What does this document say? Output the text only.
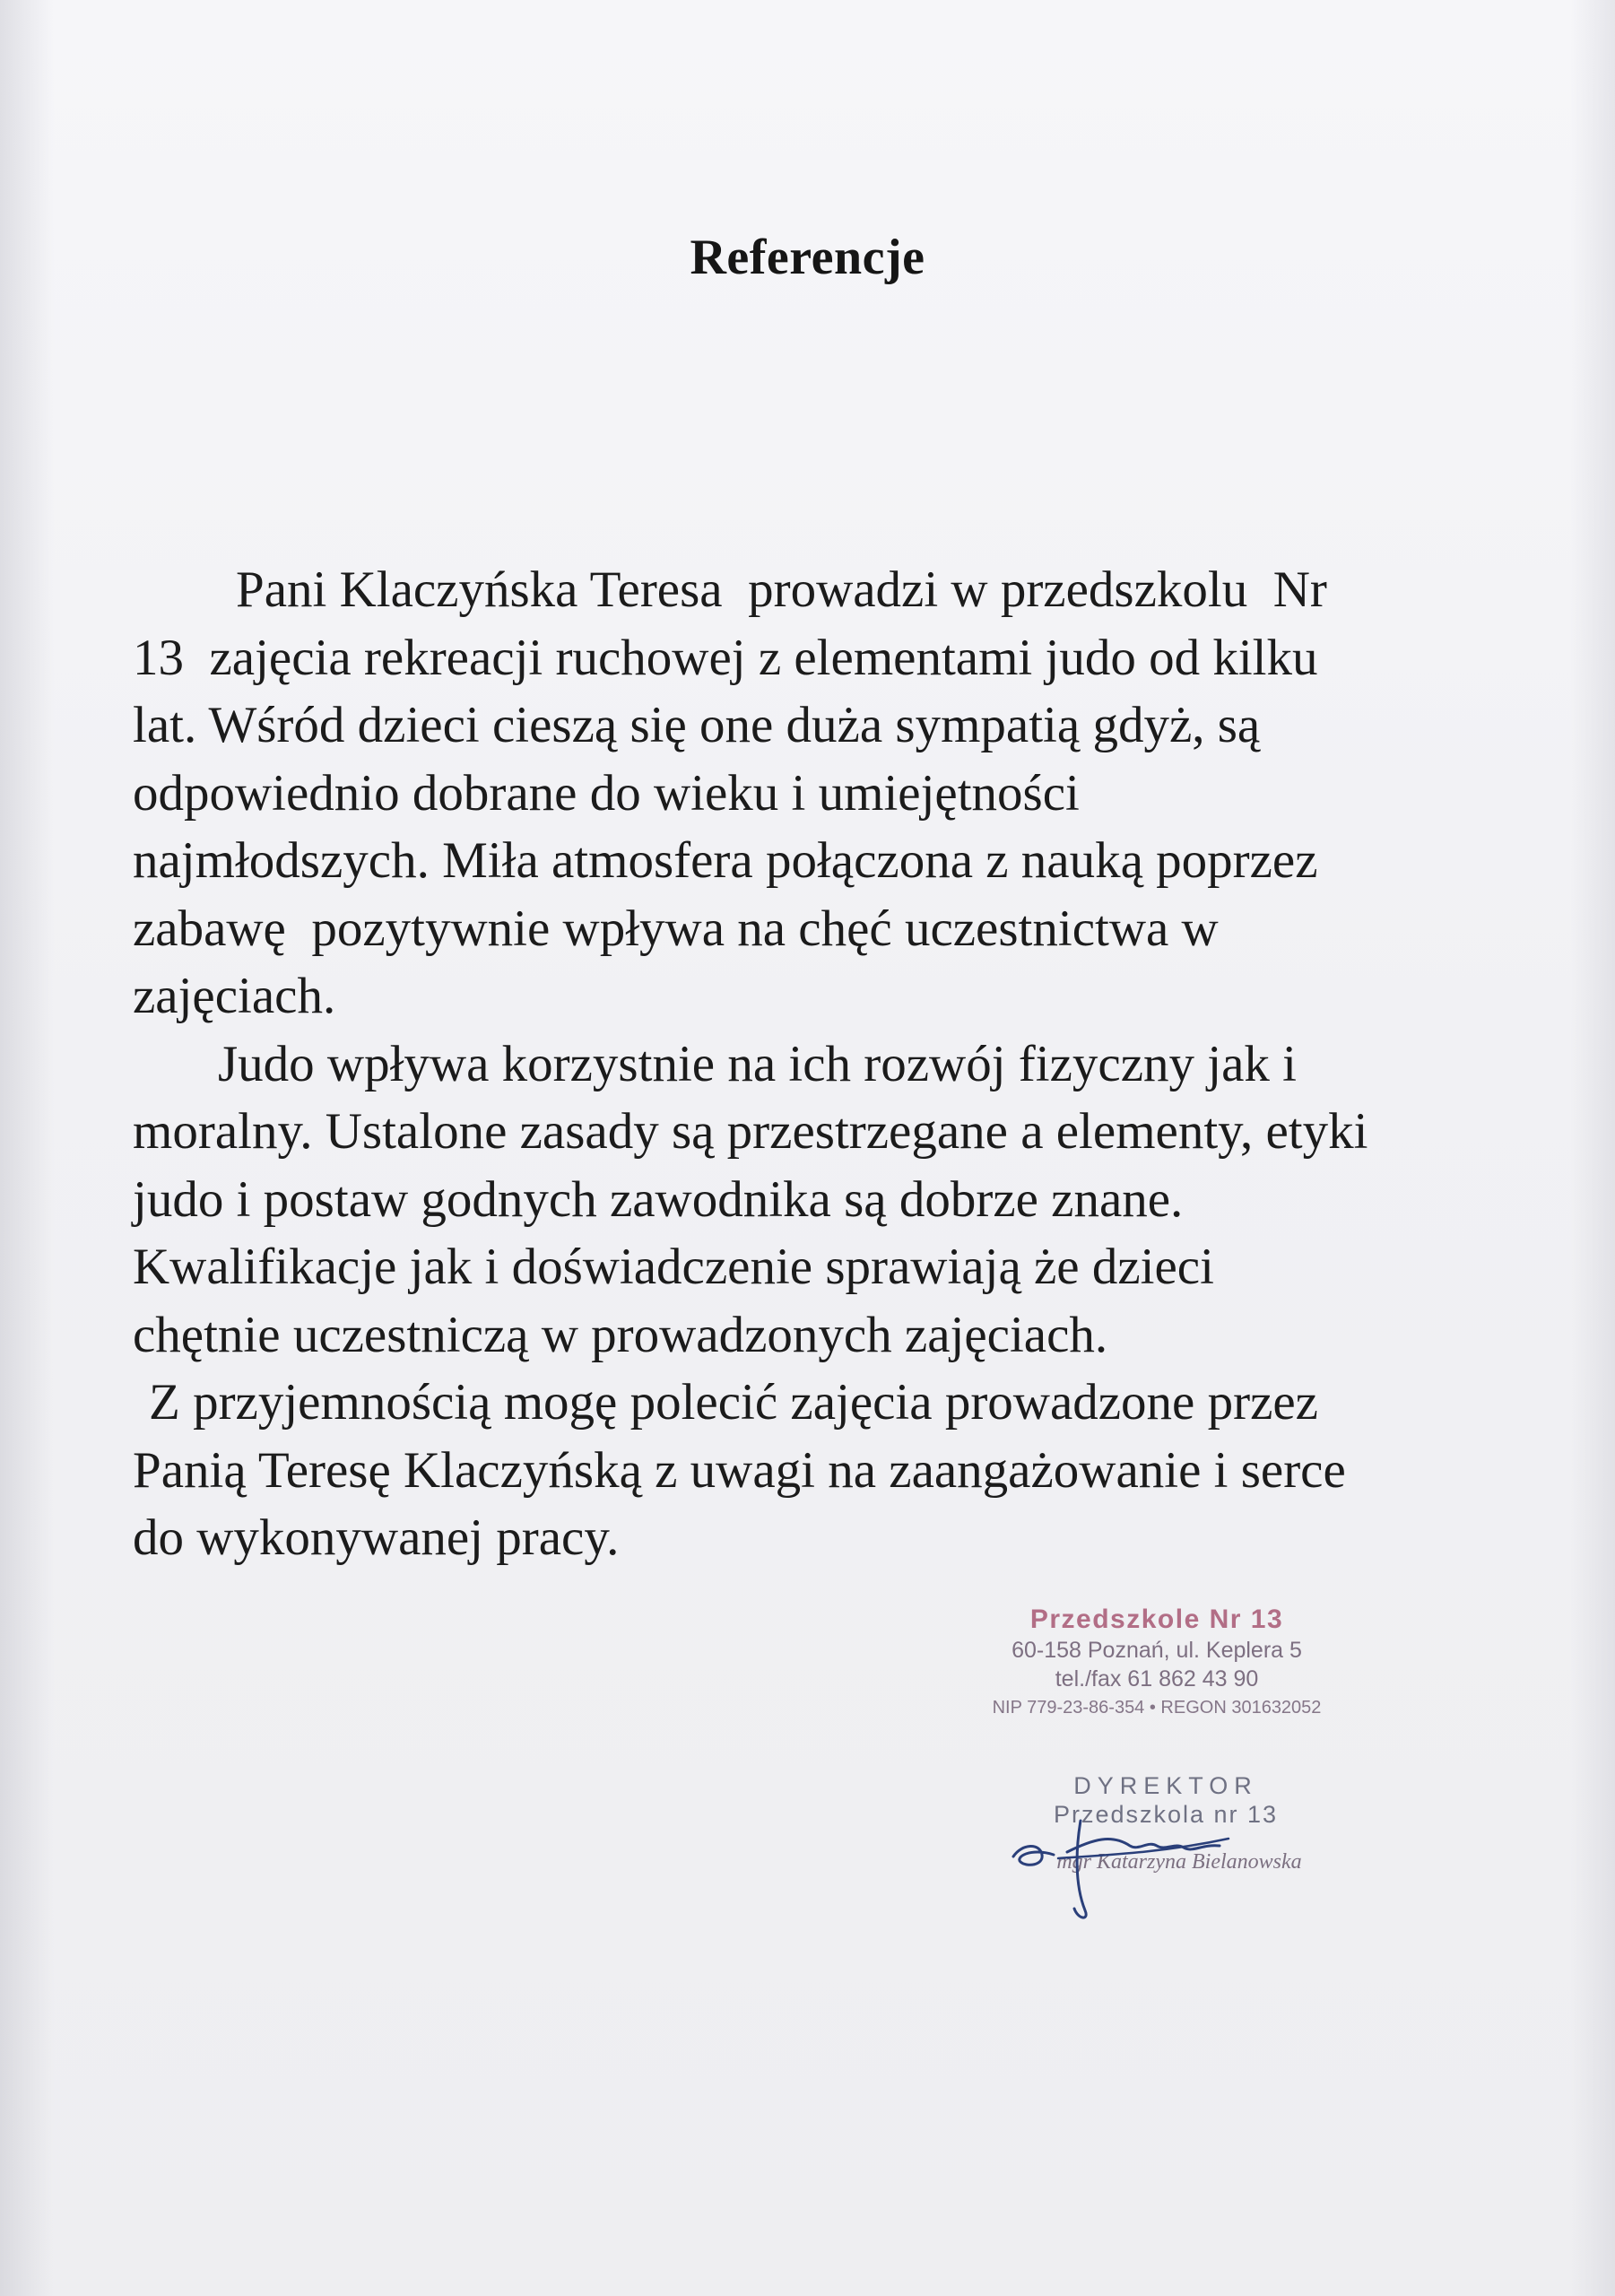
Referencje
Pani Klaczyńska Teresa  prowadzi w przedszkolu  Nr
13  zajęcia rekreacji ruchowej z elementami judo od kilku
lat. Wśród dzieci cieszą się one duża sympatią gdyż, są
odpowiednio dobrane do wieku i umiejętności
najmłodszych. Miła atmosfera połączona z nauką poprzez
zabawę  pozytywnie wpływa na chęć uczestnictwa w
zajęciach.
Judo wpływa korzystnie na ich rozwój fizyczny jak i
moralny. Ustalone zasady są przestrzegane a elementy, etyki
judo i postaw godnych zawodnika są dobrze znane.
Kwalifikacje jak i doświadczenie sprawiają że dzieci
chętnie uczestniczą w prowadzonych zajęciach.
Z przyjemnością mogę polecić zajęcia prowadzone przez
Panią Teresę Klaczyńską z uwagi na zaangażowanie i serce
do wykonywanej pracy.
Przedszkole Nr 13
60-158 Poznań, ul. Keplera 5
tel./fax 61 862 43 90
NIP 779-23-86-354 • REGON 301632052
DYREKTOR
Przedszkola nr 13
mgr Katarzyna Bielanowska
